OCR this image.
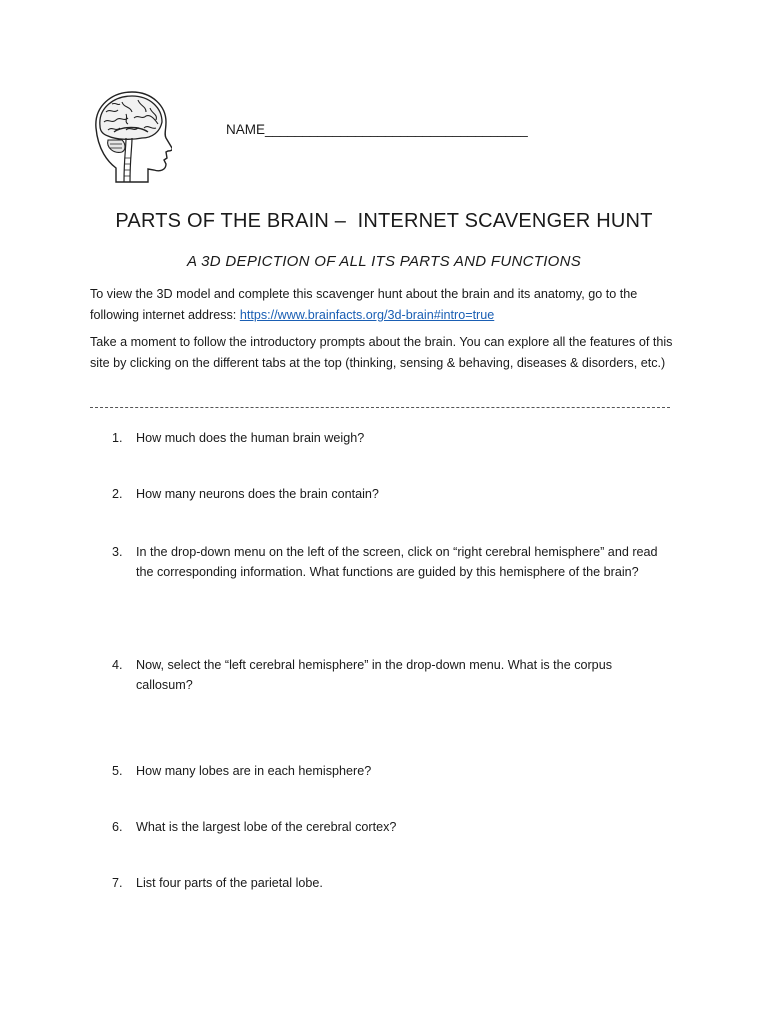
NAME___________________________________
PARTS OF THE BRAIN –  INTERNET SCAVENGER HUNT
A 3D DEPICTION OF ALL ITS PARTS AND FUNCTIONS

To view the 3D model and complete this scavenger hunt about the brain and its anatomy, go to the following internet address: https://www.brainfacts.org/3d-brain#intro=true

Take a moment to follow the introductory prompts about the brain. You can explore all the features of this site by clicking on the different tabs at the top (thinking, sensing & behaving, diseases & disorders, etc.)

1.	How much does the human brain weigh?
2.	How many neurons does the brain contain?
3.	In the drop-down menu on the left of the screen, click on “right cerebral hemisphere” and read the corresponding information. What functions are guided by this hemisphere of the brain?
4.	Now, select the “left cerebral hemisphere” in the drop-down menu. What is the corpus callosum?
5.	How many lobes are in each hemisphere?
6.	What is the largest lobe of the cerebral cortex?
7.	List four parts of the parietal lobe.
